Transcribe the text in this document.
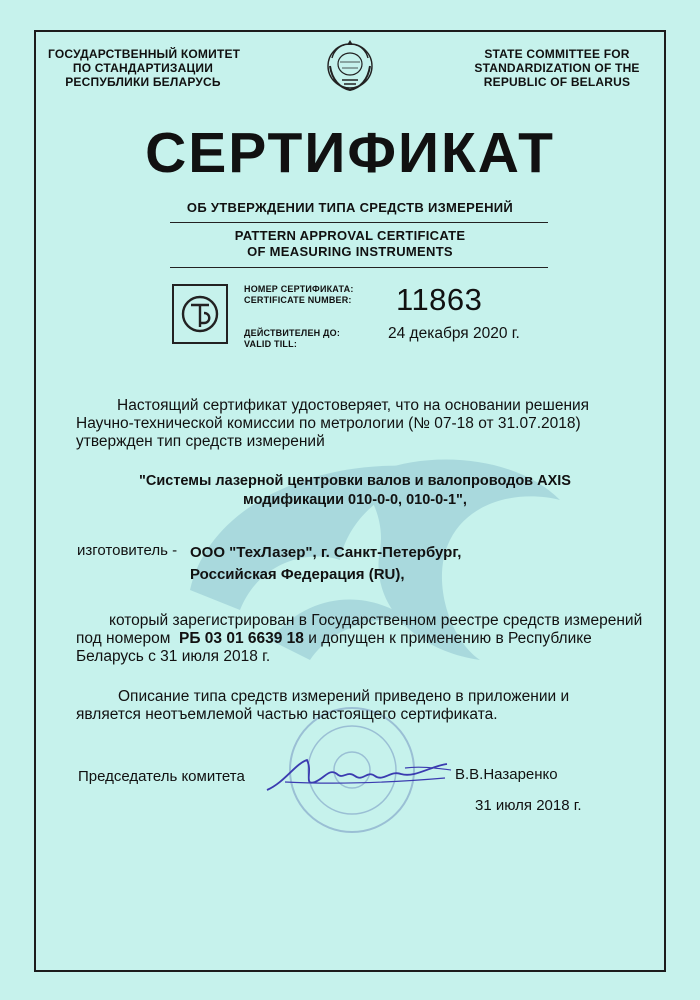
ГОСУДАРСТВЕННЫЙ КОМИТЕТ
ПО СТАНДАРТИЗАЦИИ
РЕСПУБЛИКИ БЕЛАРУСЬ
STATE COMMITTEE FOR
STANDARDIZATION OF THE
REPUBLIC OF BELARUS
СЕРТИФИКАТ
ОБ УТВЕРЖДЕНИИ ТИПА СРЕДСТВ ИЗМЕРЕНИЙ
PATTERN APPROVAL CERTIFICATE
OF MEASURING INSTRUMENTS
НОМЕР СЕРТИФИКАТА:
CERTIFICATE NUMBER: 11863
ДЕЙСТВИТЕЛЕН ДО:
VALID TILL:
24 декабря 2020 г.
Настоящий сертификат удостоверяет, что на основании решения
Научно-технической комиссии по метрологии (№ 07-18 от 31.07.2018)
утвержден тип средств измерений
"Системы лазерной центровки валов и валопроводов AXIS
модификации 010-0-0, 010-0-1",
изготовитель - ООО "ТехЛазер", г. Санкт-Петербург,
Российская Федерация (RU),
который зарегистрирован в Государственном реестре средств измерений
под номером РБ 03 01 6639 18 и допущен к применению в Республике
Беларусь с 31 июля 2018 г.
Описание типа средств измерений приведено в приложении и
является неотъемлемой частью настоящего сертификата.
Председатель комитета	В.В.Назаренко
31 июля 2018 г.
